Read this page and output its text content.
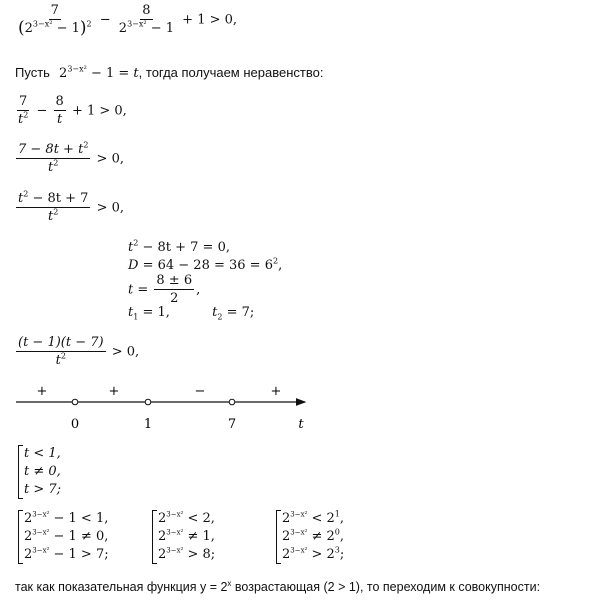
$\frac{7}{(2^{3-x^2} - 1)^2} - \frac{8}{2^{3-x^2} - 1} + 1 > 0$,
Пусть $2^{3-x^2} - 1 = t$, тогда получаем неравенство:
$\frac{7}{t^2} - \frac{8}{t} + 1 > 0$,
$\frac{7 - 8t + t^2}{t^2} > 0$,
$\frac{t^2 - 8t + 7}{t^2} > 0$,
$t^2 - 8t + 7 = 0$,
$D = 64 - 28 = 36 = 6^2$,
$t = \frac{8 \pm 6}{2}$ ,
$t_1 = 1$,	$t_2 = 7$;
$\frac{(t - 1)(t - 7)}{t^2} > 0$,
+	+	−	+
0	1	7	t
t < 1,
t ≠ 0,
t > 7;
$2^{3-x^2} - 1 < 1$,
$2^{3-x^2} - 1 \ne 0$,
$2^{3-x^2} - 1 > 7$;
$2^{3-x^2} < 2$,
$2^{3-x^2} \ne 1$,
$2^{3-x^2} > 8$;
$2^{3-x^2} < 2^1$,
$2^{3-x^2} \ne 2^0$,
$2^{3-x^2} > 2^3$;
так как показательная функция $y = 2^x$ возрастающая (2 > 1), то переходим к совокупности:
